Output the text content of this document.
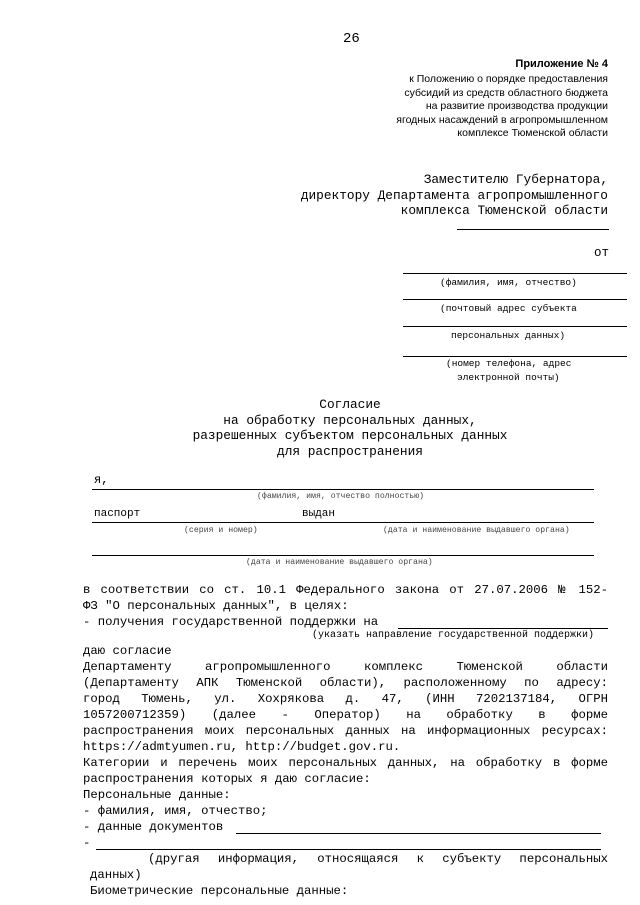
26
Приложение № 4
к Положению о порядке предоставления
субсидий из средств областного бюджета
на развитие производства продукции
ягодных насаждений в агропромышленном
комплексе Тюменской области
Заместителю Губернатора,
директору Департамента агропромышленного
комплекса Тюменской области
от
(фамилия, имя, отчество)
(почтовый адрес субъекта
персональных данных)
(номер телефона, адрес
электронной почты)
Согласие
на обработку персональных данных,
разрешенных субъектом персональных данных
для распространения
я,
(фамилия, имя, отчество полностью)
паспорт	выдан
(серия и номер)	(дата и наименование выдавшего органа)
(дата и наименование выдавшего органа)
в соответствии со ст. 10.1 Федерального закона от 27.07.2006 № 152-
ФЗ "О персональных данных", в целях:
- получения государственной поддержки на
(указать направление государственной поддержки)
даю согласие
Департаменту агропромышленного комплекс Тюменской области
(Департаменту АПК Тюменской области), расположенному по адресу:
город Тюмень, ул. Хохрякова д. 47, (ИНН 7202137184, ОГРН
1057200712359) (далее - Оператор) на обработку в форме
распространения моих персональных данных на информационных ресурсах:
https://admtyumen.ru, http://budget.gov.ru.
Категории и перечень моих персональных данных, на обработку в форме
распространения которых я даю согласие:
Персональные данные:
- фамилия, имя, отчество;
- данные документов
-
(другая информация, относящаяся к субъекту персональных
данных)
Биометрические персональные данные:
